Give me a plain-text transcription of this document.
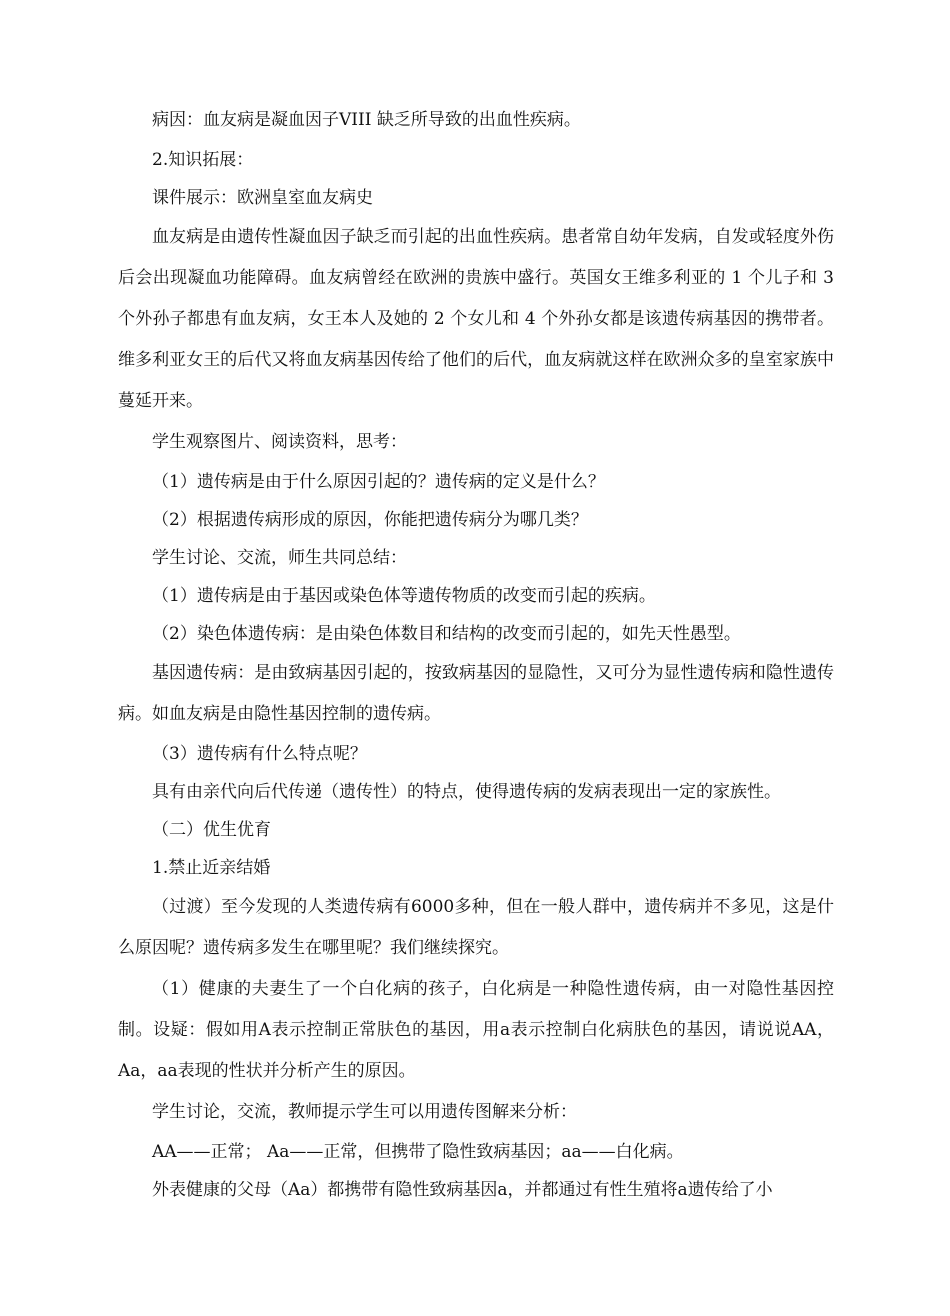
病因：血友病是凝血因子VIII 缺乏所导致的出血性疾病。

2.知识拓展：

课件展示：欧洲皇室血友病史

血友病是由遗传性凝血因子缺乏而引起的出血性疾病。患者常自幼年发病，自发或轻度外伤后会出现凝血功能障碍。血友病曾经在欧洲的贵族中盛行。英国女王维多利亚的 1 个儿子和 3 个外孙子都患有血友病，女王本人及她的 2 个女儿和 4 个外孙女都是该遗传病基因的携带者。维多利亚女王的后代又将血友病基因传给了他们的后代，血友病就这样在欧洲众多的皇室家族中蔓延开来。

学生观察图片、阅读资料，思考：

（1）遗传病是由于什么原因引起的？遗传病的定义是什么？

（2）根据遗传病形成的原因，你能把遗传病分为哪几类？

学生讨论、交流，师生共同总结：

（1）遗传病是由于基因或染色体等遗传物质的改变而引起的疾病。

（2）染色体遗传病：是由染色体数目和结构的改变而引起的，如先天性愚型。

基因遗传病：是由致病基因引起的，按致病基因的显隐性，又可分为显性遗传病和隐性遗传病。如血友病是由隐性基因控制的遗传病。

（3）遗传病有什么特点呢？

具有由亲代向后代传递（遗传性）的特点，使得遗传病的发病表现出一定的家族性。

（二）优生优育

1.禁止近亲结婚

（过渡）至今发现的人类遗传病有6000多种，但在一般人群中，遗传病并不多见，这是什么原因呢？遗传病多发生在哪里呢？我们继续探究。

（1）健康的夫妻生了一个白化病的孩子，白化病是一种隐性遗传病，由一对隐性基因控制。设疑：假如用A表示控制正常肤色的基因，用a表示控制白化病肤色的基因，请说说AA，Aa，aa表现的性状并分析产生的原因。

学生讨论，交流，教师提示学生可以用遗传图解来分析：

AA——正常； Aa——正常，但携带了隐性致病基因；aa——白化病。

外表健康的父母（Aa）都携带有隐性致病基因a，并都通过有性生殖将a遗传给了小
